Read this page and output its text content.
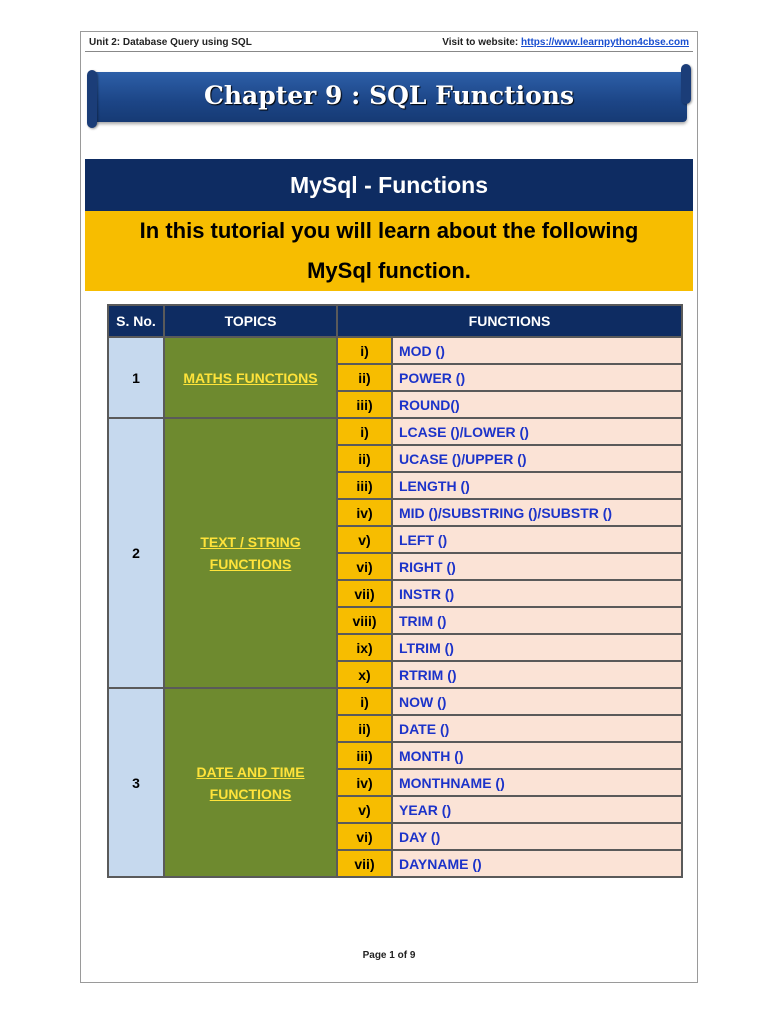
Unit 2: Database Query using SQL	Visit to website: https://www.learnpython4cbse.com
Chapter 9 : SQL Functions
MySql - Functions
In this tutorial you will learn about the following
MySql function.
S. No.	TOPICS	FUNCTIONS	
1	MATHS FUNCTIONS	i)	MOD ()
		ii)	POWER ()
		iii)	ROUND()
2	TEXT / STRING
FUNCTIONS	i)	LCASE ()/LOWER ()
		ii)	UCASE ()/UPPER ()
		iii)	LENGTH ()
		iv)	MID ()/SUBSTRING ()/SUBSTR ()
		v)	LEFT ()
		vi)	RIGHT ()
		vii)	INSTR ()
		viii)	TRIM ()
		ix)	LTRIM ()
		x)	RTRIM ()
3	DATE AND TIME
FUNCTIONS	i)	NOW ()
		ii)	DATE ()
		iii)	MONTH ()
		iv)	MONTHNAME ()
		v)	YEAR ()
		vi)	DAY ()
		vii)	DAYNAME ()
Page 1 of 9
